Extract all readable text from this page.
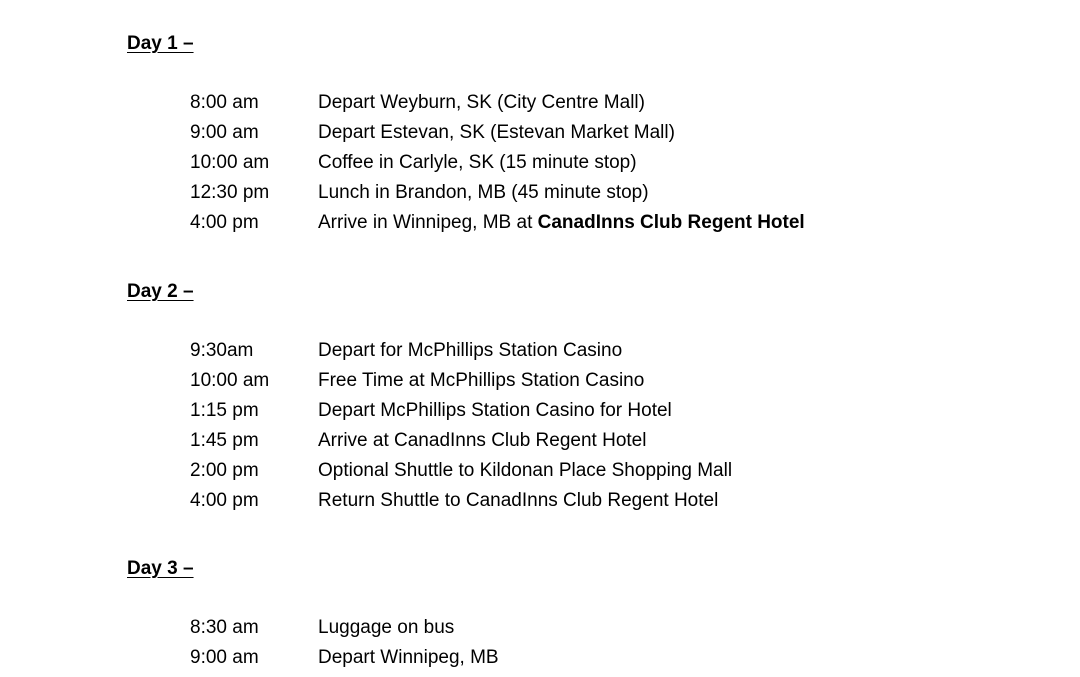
Day 1 –
8:00 am	Depart Weyburn, SK (City Centre Mall)
9:00 am	Depart Estevan, SK (Estevan Market Mall)
10:00 am	Coffee in Carlyle, SK (15 minute stop)
12:30 pm	Lunch in Brandon, MB (45 minute stop)
4:00 pm	Arrive in Winnipeg, MB at CanadInns Club Regent Hotel
Day 2 –
9:30am	Depart for McPhillips Station Casino
10:00 am	Free Time at McPhillips Station Casino
1:15 pm	Depart McPhillips Station Casino for Hotel
1:45 pm	Arrive at CanadInns Club Regent Hotel
2:00 pm	Optional Shuttle to Kildonan Place Shopping Mall
4:00 pm	Return Shuttle to CanadInns Club Regent Hotel
Day 3 –
8:30 am	Luggage on bus
9:00 am	Depart Winnipeg, MB
